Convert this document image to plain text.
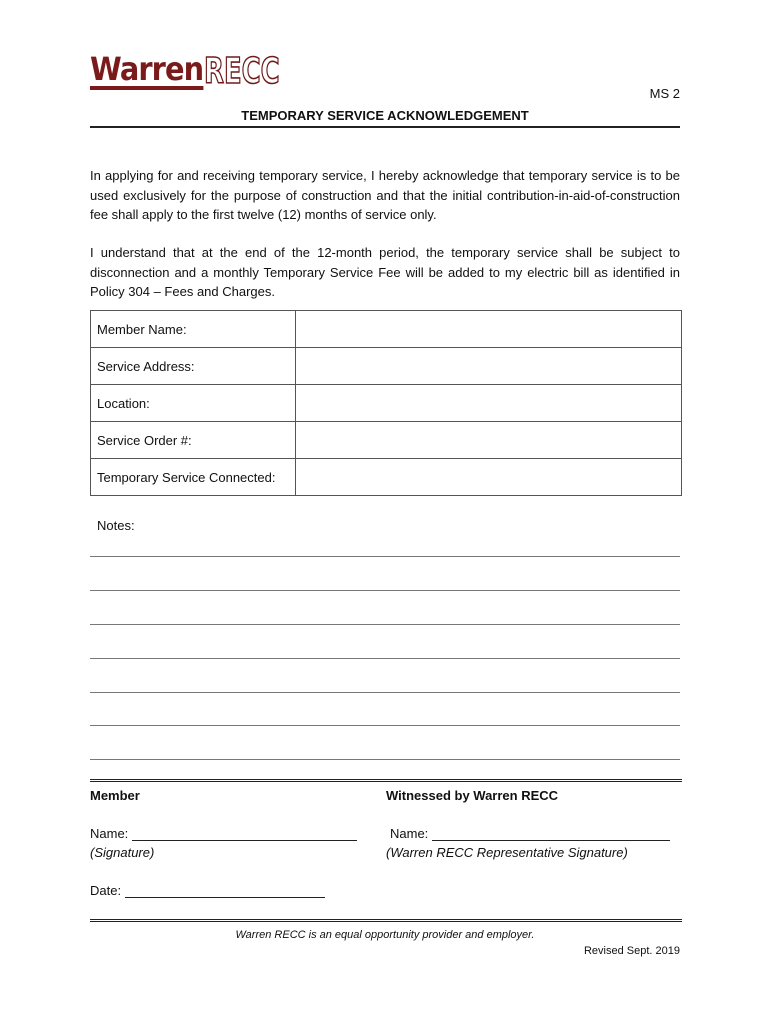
Warren RECC
MS 2
TEMPORARY SERVICE ACKNOWLEDGEMENT
In applying for and receiving temporary service, I hereby acknowledge that temporary service is to be used exclusively for the purpose of construction and that the initial contribution-in-aid-of-construction fee shall apply to the first twelve (12) months of service only.
I understand that at the end of the 12-month period, the temporary service shall be subject to disconnection and a monthly Temporary Service Fee will be added to my electric bill as identified in Policy 304 – Fees and Charges.
Member Name:	
Service Address:	
Location:	
Service Order #:	
Temporary Service Connected:	
Notes:
Member	Witnessed by Warren RECC
Name:
(Signature)
Name:
(Warren RECC Representative Signature)
Date:
Warren RECC is an equal opportunity provider and employer.
Revised Sept. 2019
